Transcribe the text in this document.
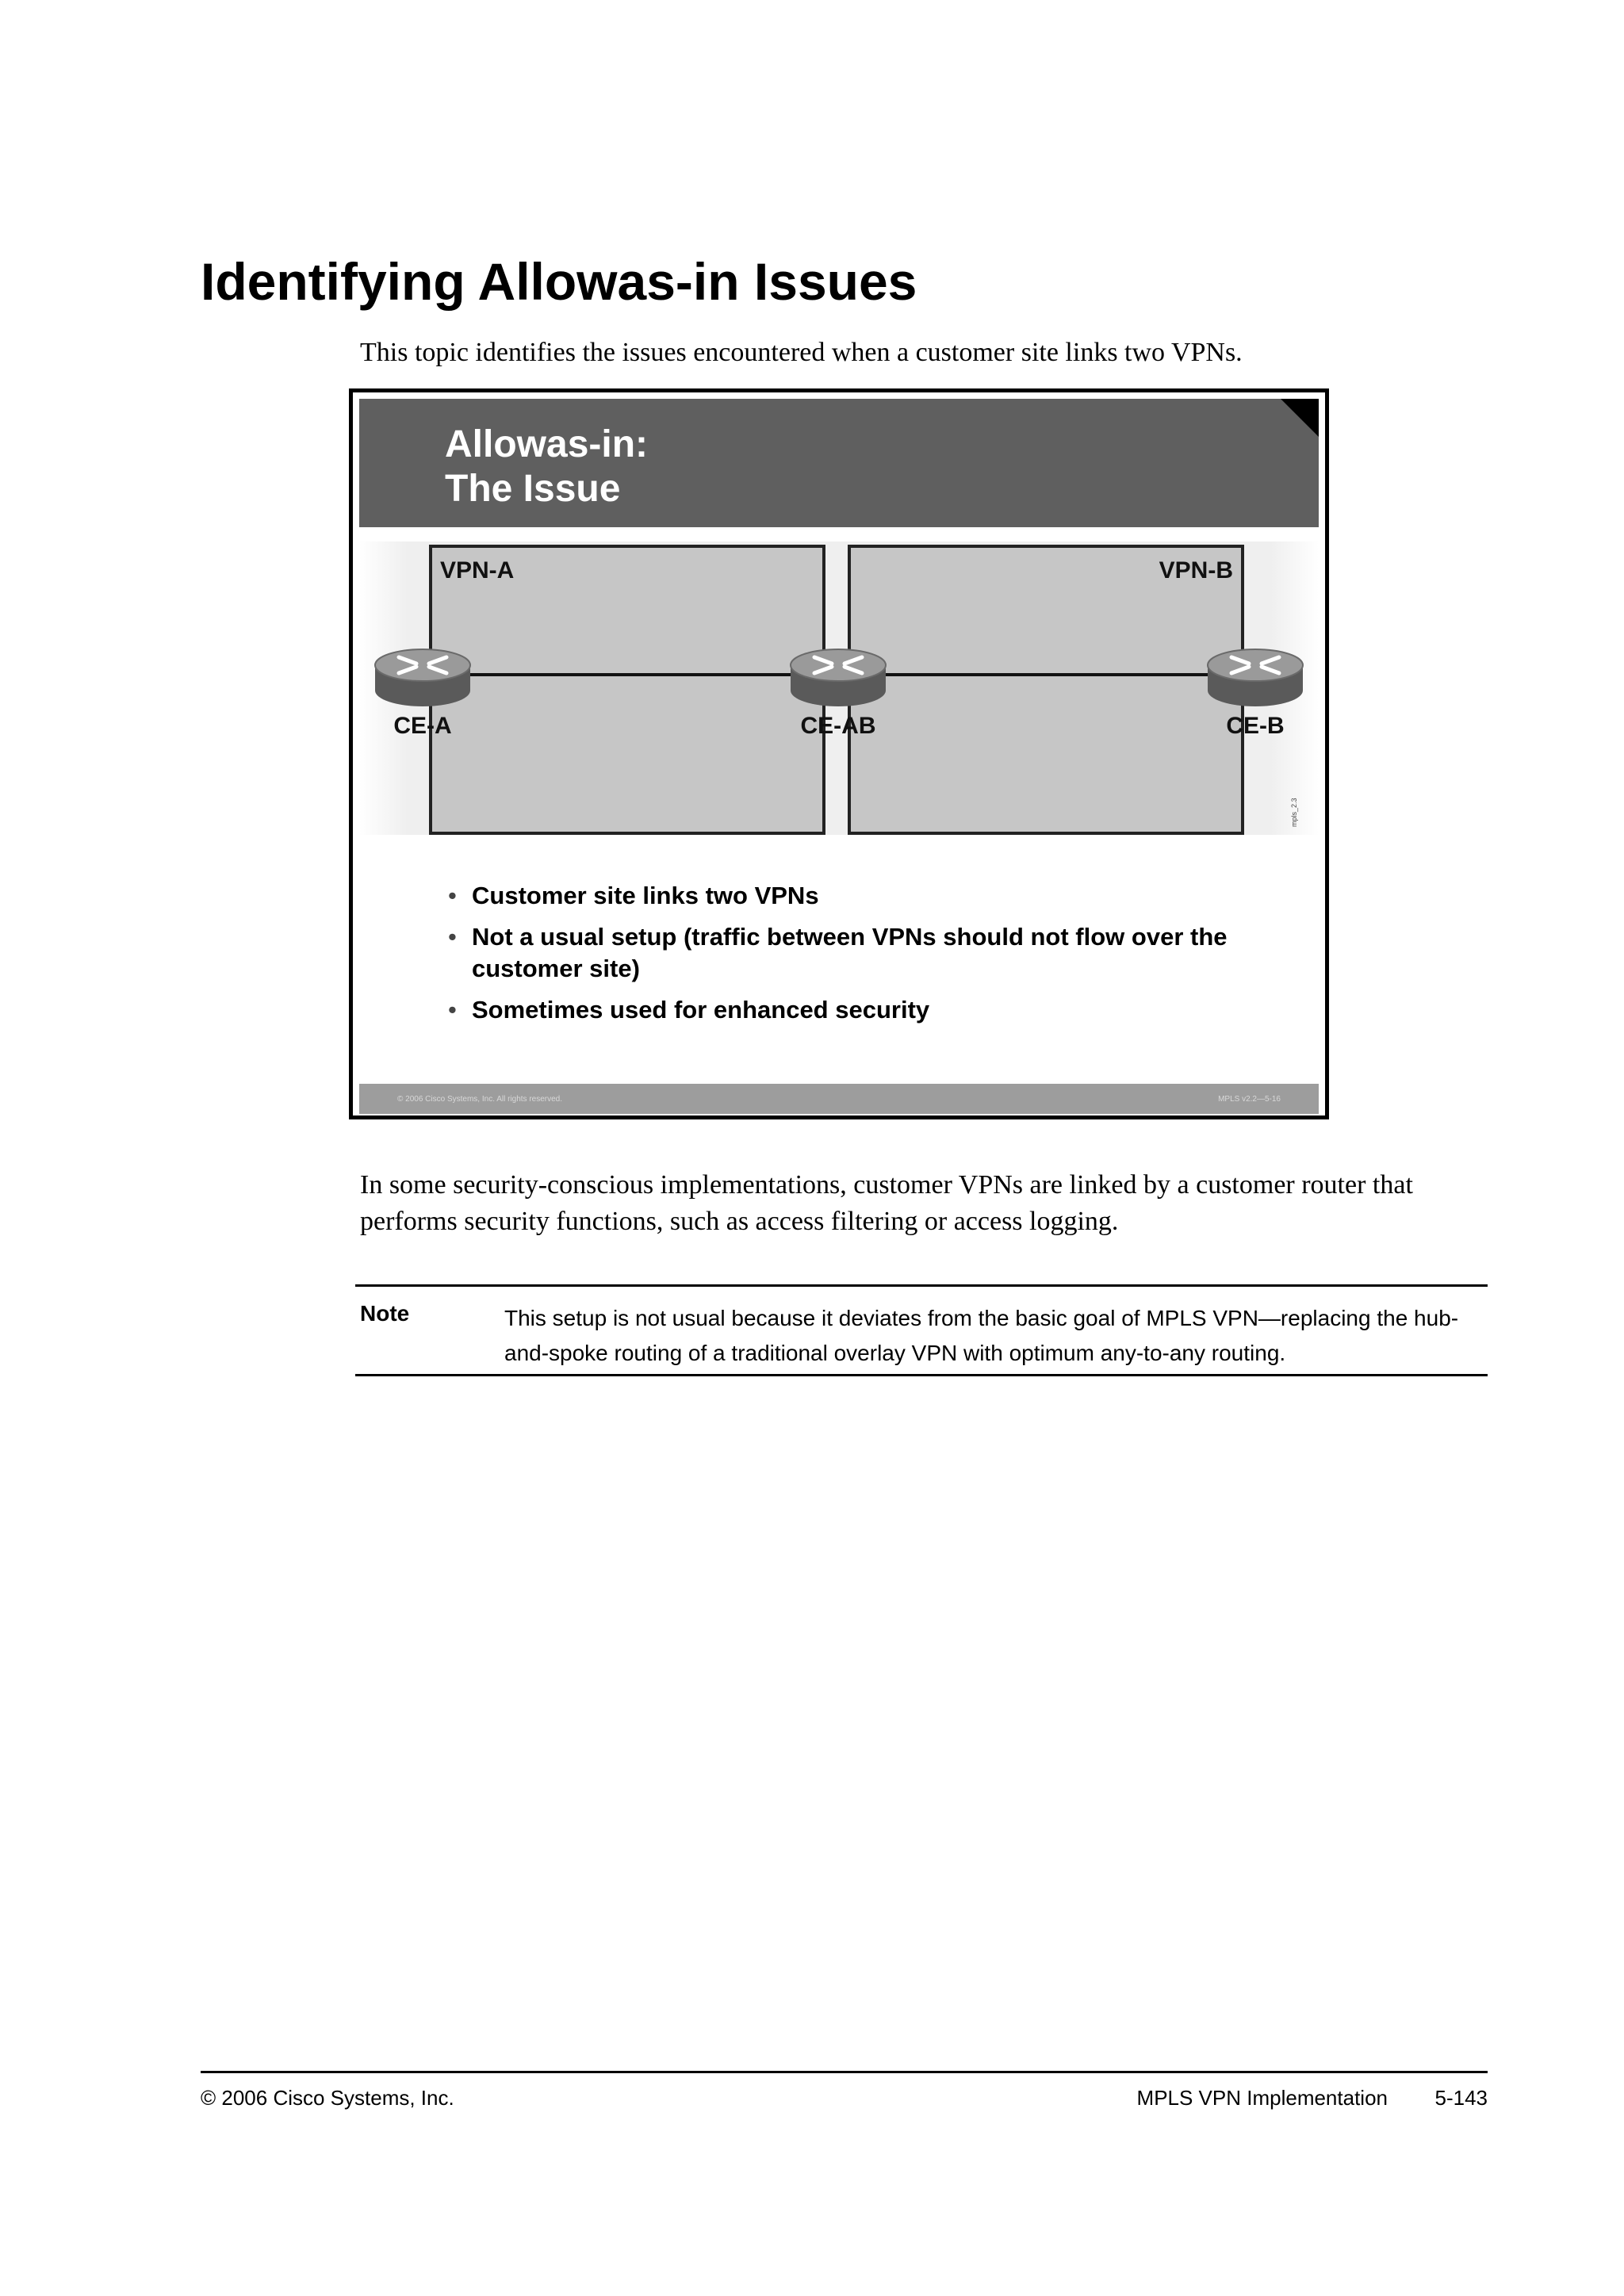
Identifying Allowas-in Issues
This topic identifies the issues encountered when a customer site links two VPNs.
Allowas-in:
The Issue
VPN-A	VPN-B
CE-A	CE-AB	CE-B
mpls_2.3
• Customer site links two VPNs
• Not a usual setup (traffic between VPNs should not flow over the customer site)
• Sometimes used for enhanced security
© 2006 Cisco Systems, Inc. All rights reserved.	MPLS v2.2—5-16
In some security-conscious implementations, customer VPNs are linked by a customer router that performs security functions, such as access filtering or access logging.
Note	This setup is not usual because it deviates from the basic goal of MPLS VPN—replacing the hub-and-spoke routing of a traditional overlay VPN with optimum any-to-any routing.
© 2006 Cisco Systems, Inc.	MPLS VPN Implementation 5-143
